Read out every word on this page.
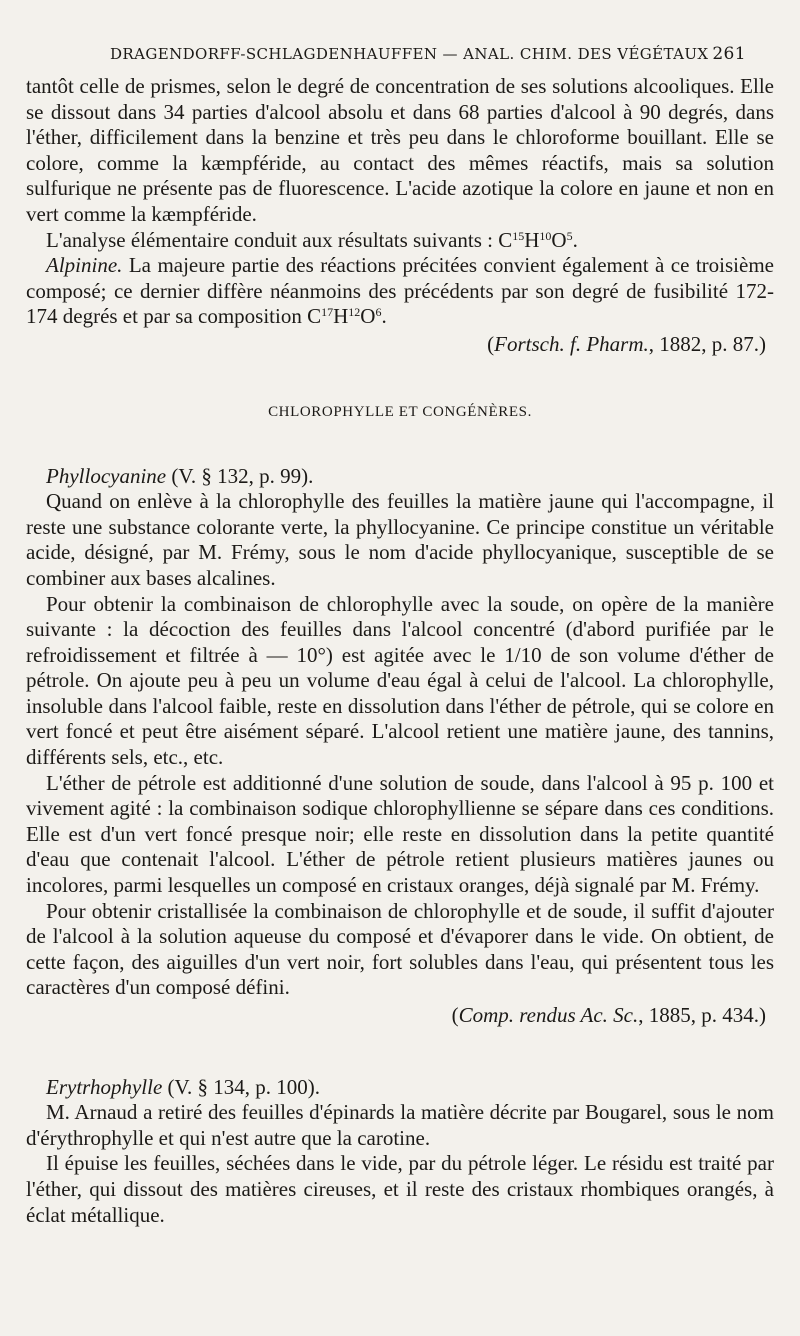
DRAGENDORFF-SCHLAGDENHAUFFEN — ANAL. CHIM. DES VÉGÉTAUX 261

tantôt celle de prismes, selon le degré de concentration de ses solutions alcooliques. Elle se dissout dans 34 parties d'alcool absolu et dans 68 parties d'alcool à 90 degrés, dans l'éther, difficilement dans la benzine et très peu dans le chloroforme bouillant. Elle se colore, comme la kæmpféride, au contact des mêmes réactifs, mais sa solution sulfurique ne présente pas de fluorescence. L'acide azotique la colore en jaune et non en vert comme la kæmpféride.

L'analyse élémentaire conduit aux résultats suivants : $C^{15}H^{10}O^5$.

Alpinine. La majeure partie des réactions précitées convient également à ce troisième composé; ce dernier diffère néanmoins des précédents par son degré de fusibilité 172-174 degrés et par sa composition $C^{17}H^{12}O^6$.

(Fortsch. f. Pharm., 1882, p. 87.)

CHLOROPHYLLE ET CONGÉNÈRES.

Phyllocyanine (V. § 132, p. 99).

Quand on enlève à la chlorophylle des feuilles la matière jaune qui l'accompagne, il reste une substance colorante verte, la phyllocyanine. Ce principe constitue un véritable acide, désigné, par M. Frémy, sous le nom d'acide phyllocyanique, susceptible de se combiner aux bases alcalines.

Pour obtenir la combinaison de chlorophylle avec la soude, on opère de la manière suivante : la décoction des feuilles dans l'alcool concentré (d'abord purifiée par le refroidissement et filtrée à — 10°) est agitée avec le 1/10 de son volume d'éther de pétrole. On ajoute peu à peu un volume d'eau égal à celui de l'alcool. La chlorophylle, insoluble dans l'alcool faible, reste en dissolution dans l'éther de pétrole, qui se colore en vert foncé et peut être aisément séparé. L'alcool retient une matière jaune, des tannins, différents sels, etc., etc.

L'éther de pétrole est additionné d'une solution de soude, dans l'alcool à 95 p. 100 et vivement agité : la combinaison sodique chlorophyllienne se sépare dans ces conditions. Elle est d'un vert foncé presque noir; elle reste en dissolution dans la petite quantité d'eau que contenait l'alcool. L'éther de pétrole retient plusieurs matières jaunes ou incolores, parmi lesquelles un composé en cristaux oranges, déjà signalé par M. Frémy.

Pour obtenir cristallisée la combinaison de chlorophylle et de soude, il suffit d'ajouter de l'alcool à la solution aqueuse du composé et d'évaporer dans le vide. On obtient, de cette façon, des aiguilles d'un vert noir, fort solubles dans l'eau, qui présentent tous les caractères d'un composé défini.

(Comp. rendus Ac. Sc., 1885, p. 434.)

Erytrhophylle (V. § 134, p. 100).

M. Arnaud a retiré des feuilles d'épinards la matière décrite par Bougarel, sous le nom d'érythrophylle et qui n'est autre que la carotine.

Il épuise les feuilles, séchées dans le vide, par du pétrole léger. Le résidu est traité par l'éther, qui dissout des matières cireuses, et il reste des cristaux rhombiques orangés, à éclat métallique.
